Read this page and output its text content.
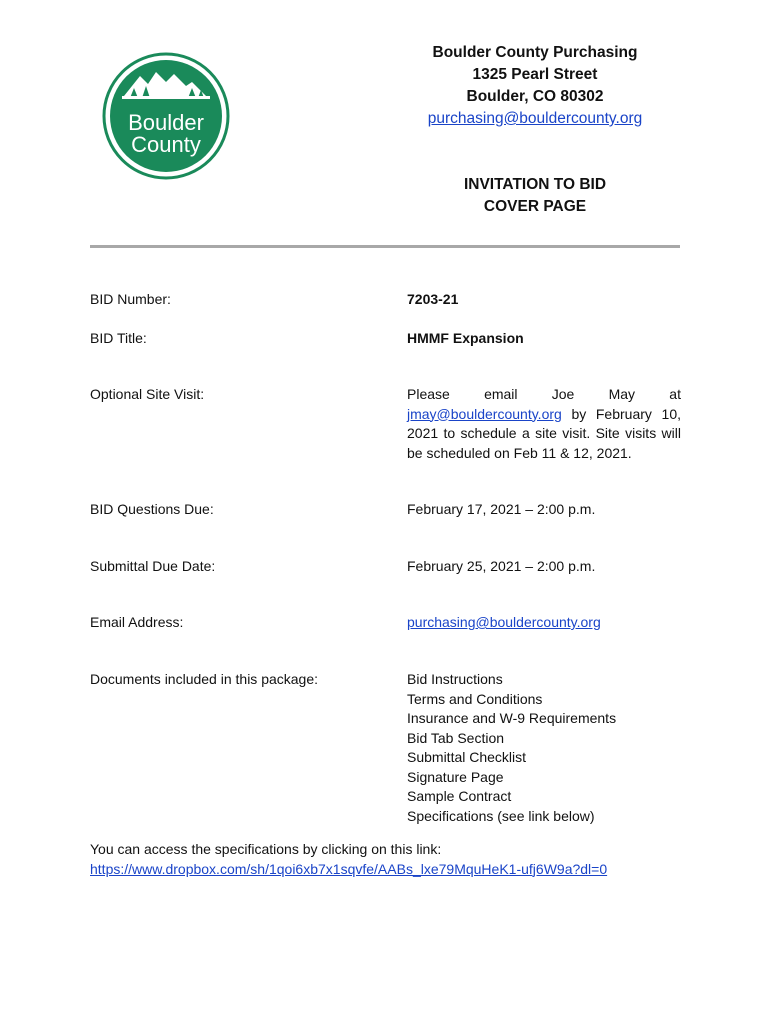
Boulder
County
Boulder County Purchasing
1325 Pearl Street
Boulder, CO 80302
purchasing@bouldercounty.org
INVITATION TO BID
COVER PAGE
BID Number:	7203-21
BID Title:	HMMF Expansion
Optional Site Visit:	Please email Joe May at jmay@bouldercounty.org by February 10, 2021 to schedule a site visit. Site visits will be scheduled on Feb 11 & 12, 2021.
BID Questions Due:	February 17, 2021 – 2:00 p.m.
Submittal Due Date:	February 25, 2021 – 2:00 p.m.
Email Address:	purchasing@bouldercounty.org
Documents included in this package:	Bid Instructions
Terms and Conditions
Insurance and W-9 Requirements
Bid Tab Section
Submittal Checklist
Signature Page
Sample Contract
Specifications (see link below)
You can access the specifications by clicking on this link:
https://www.dropbox.com/sh/1qoi6xb7x1sqvfe/AABs_lxe79MquHeK1-ufj6W9a?dl=0
